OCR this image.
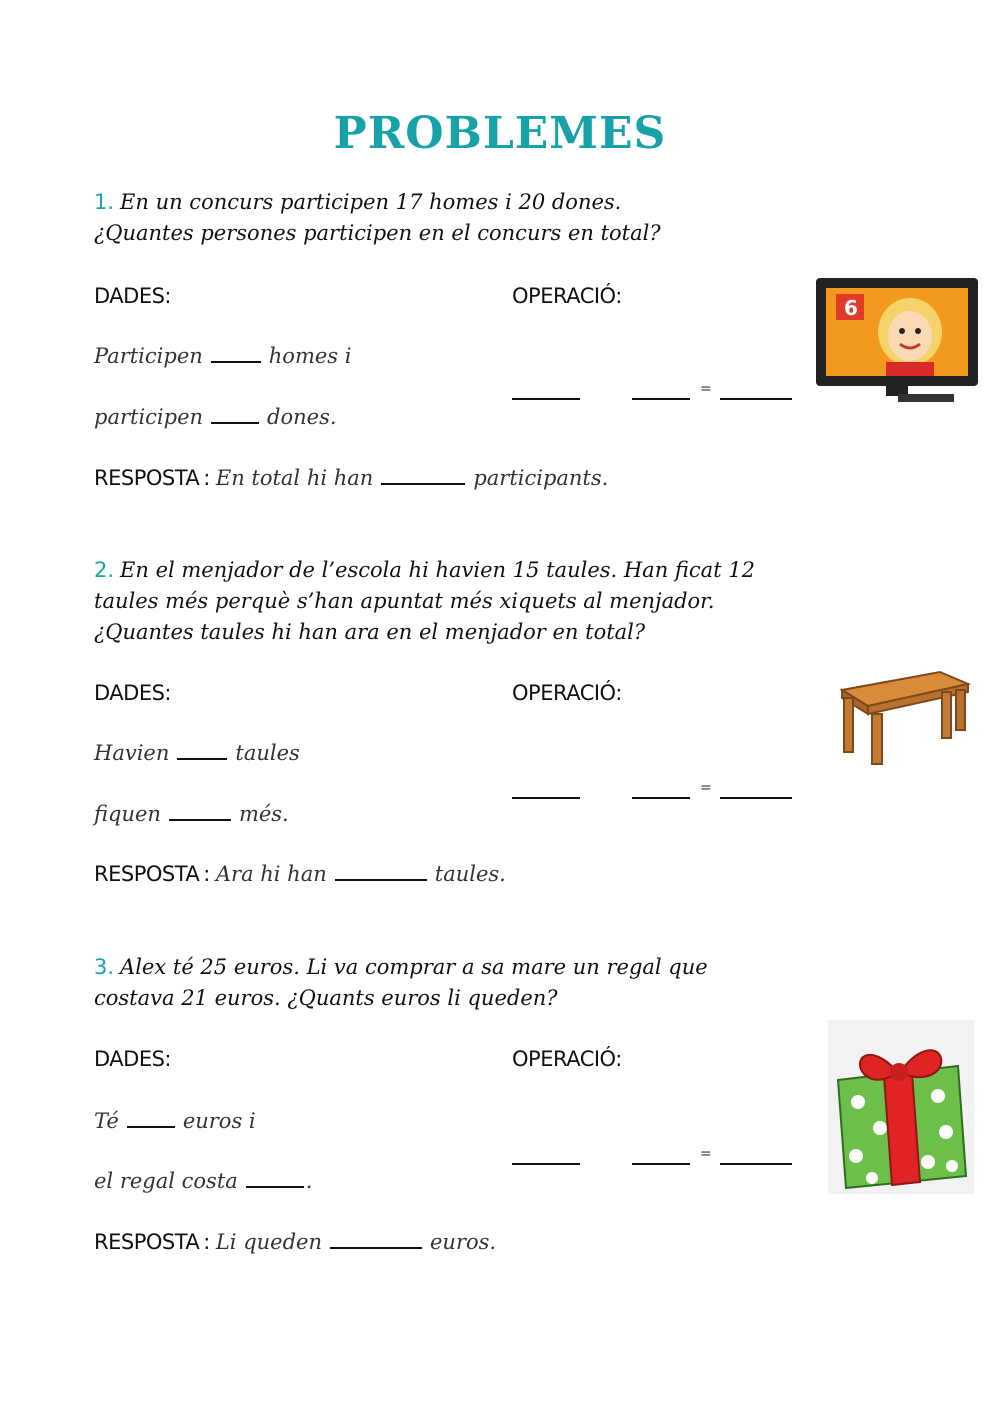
PROBLEMES
1. En un concurs participen 17 homes i 20 dones.
¿Quantes persones participen en el concurs en total?
DADES:	OPERACIÓ:
Participen	homes i
participen	dones.
=
RESPOSTA : En total hi han	participants.
6
2. En el menjador de l’escola hi havien 15 taules. Han ficat 12
taules més perquè s’han apuntat més xiquets al menjador.
¿Quantes taules hi han ara en el menjador en total?
DADES:	OPERACIÓ:
Havien	taules
fiquen	més.
=
RESPOSTA : Ara hi han	taules.
3. Alex té 25 euros. Li va comprar a sa mare un regal que
costava 21 euros. ¿Quants euros li queden?
DADES:	OPERACIÓ:
Té	euros i
el regal costa	.
=
RESPOSTA : Li queden	euros.
